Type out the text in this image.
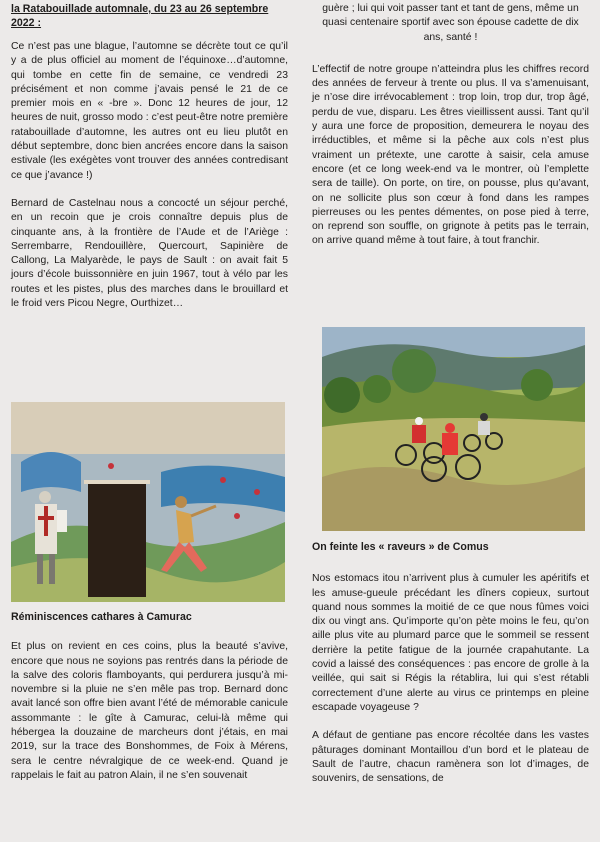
la Ratabouillade automnale, du 23 au 26 septembre 2022 :

Ce n’est pas une blague, l’automne se décrète tout ce qu’il y a de plus officiel au moment de l’équinoxe…d’automne, qui tombe en cette fin de semaine, ce vendredi 23 précisément et non comme j’avais pensé le 21 de ce premier mois en « -bre ». Donc 12 heures de jour, 12 heures de nuit, grosso modo : c’est peut-être notre première ratabouillade d’automne, les autres ont eu lieu plutôt en début septembre, donc bien ancrées encore dans la saison estivale (les exégètes vont trouver des années contredisant ce que j’avance !)

Bernard de Castelnau nous a concocté un séjour perché, en un recoin que je crois connaître depuis plus de cinquante ans, à la frontière de l’Aude et de l’Ariège : Serrembarre, Rendouillère, Quercourt, Sapinière de Callong, La Malyarède, le pays de Sault : on avait fait 5 jours d’école buissonnière en juin 1967, tout à vélo par les routes et les pistes, plus des marches dans le brouillard et le froid vers Picou Negre, Ourthizet…

Réminiscences cathares à Camurac

Et plus on revient en ces coins, plus la beauté s’avive, encore que nous ne soyions pas rentrés dans la période de la salve des coloris flamboyants, qui perdurera jusqu’à mi-novembre si la pluie ne s’en mêle pas trop. Bernard donc avait lancé son offre bien avant l’été de mémorable canicule assommante : le gîte à Camurac, celui-là même qui hébergea la douzaine de marcheurs dont j’étais, en mai 2019, sur la trace des Bonshommes, de Foix à Mérens, sera le centre névralgique de ce week-end. Quand je rappelais le fait au patron Alain, il ne s’en souvenait

guère ; lui qui voit passer tant et tant de gens, même un quasi centenaire sportif avec son épouse cadette de dix ans, santé !

L’effectif de notre groupe n’atteindra plus les chiffres record des années de ferveur à trente ou plus. Il va s’amenuisant, je n’ose dire irrévocablement : trop loin, trop dur, trop âgé, perdu de vue, disparu. Les êtres vieillissent aussi. Tant qu’il y aura une force de proposition, demeurera le noyau des irréductibles, et même si la pêche aux cols n’est plus vraiment un prétexte, une carotte à saisir, cela amuse encore (et ce long week-end va le montrer, où l’emplette sera de taille). On porte, on tire, on pousse, plus qu’avant, on ne sollicite plus son cœur à fond dans les rampes pierreuses ou les pentes démentes, on pose pied à terre, on reprend son souffle, on grignote à petits pas le terrain, on arrive quand même à tout faire, à tout franchir.

On feinte les « raveurs » de Comus

Nos estomacs itou n’arrivent plus à cumuler les apéritifs et les amuse-gueule précédant les dîners copieux, surtout quand nous sommes la moitié de ce que nous fûmes voici dix ou vingt ans. Qu’importe qu’on pète moins le feu, qu’on aille plus vite au plumard parce que le sommeil se ressent derrière la petite fatigue de la journée crapahutante. La covid a laissé des conséquences : pas encore de grolle à la veillée, qui sait si Régis la rétablira, lui qui s’est rétabli correctement d’une alerte au virus ce printemps en pleine escapade voyageuse ?

A défaut de gentiane pas encore récoltée dans les vastes pâturages dominant Montaillou d’un bord et le plateau de Sault de l’autre, chacun ramènera son lot d’images, de souvenirs, de sensations, de
